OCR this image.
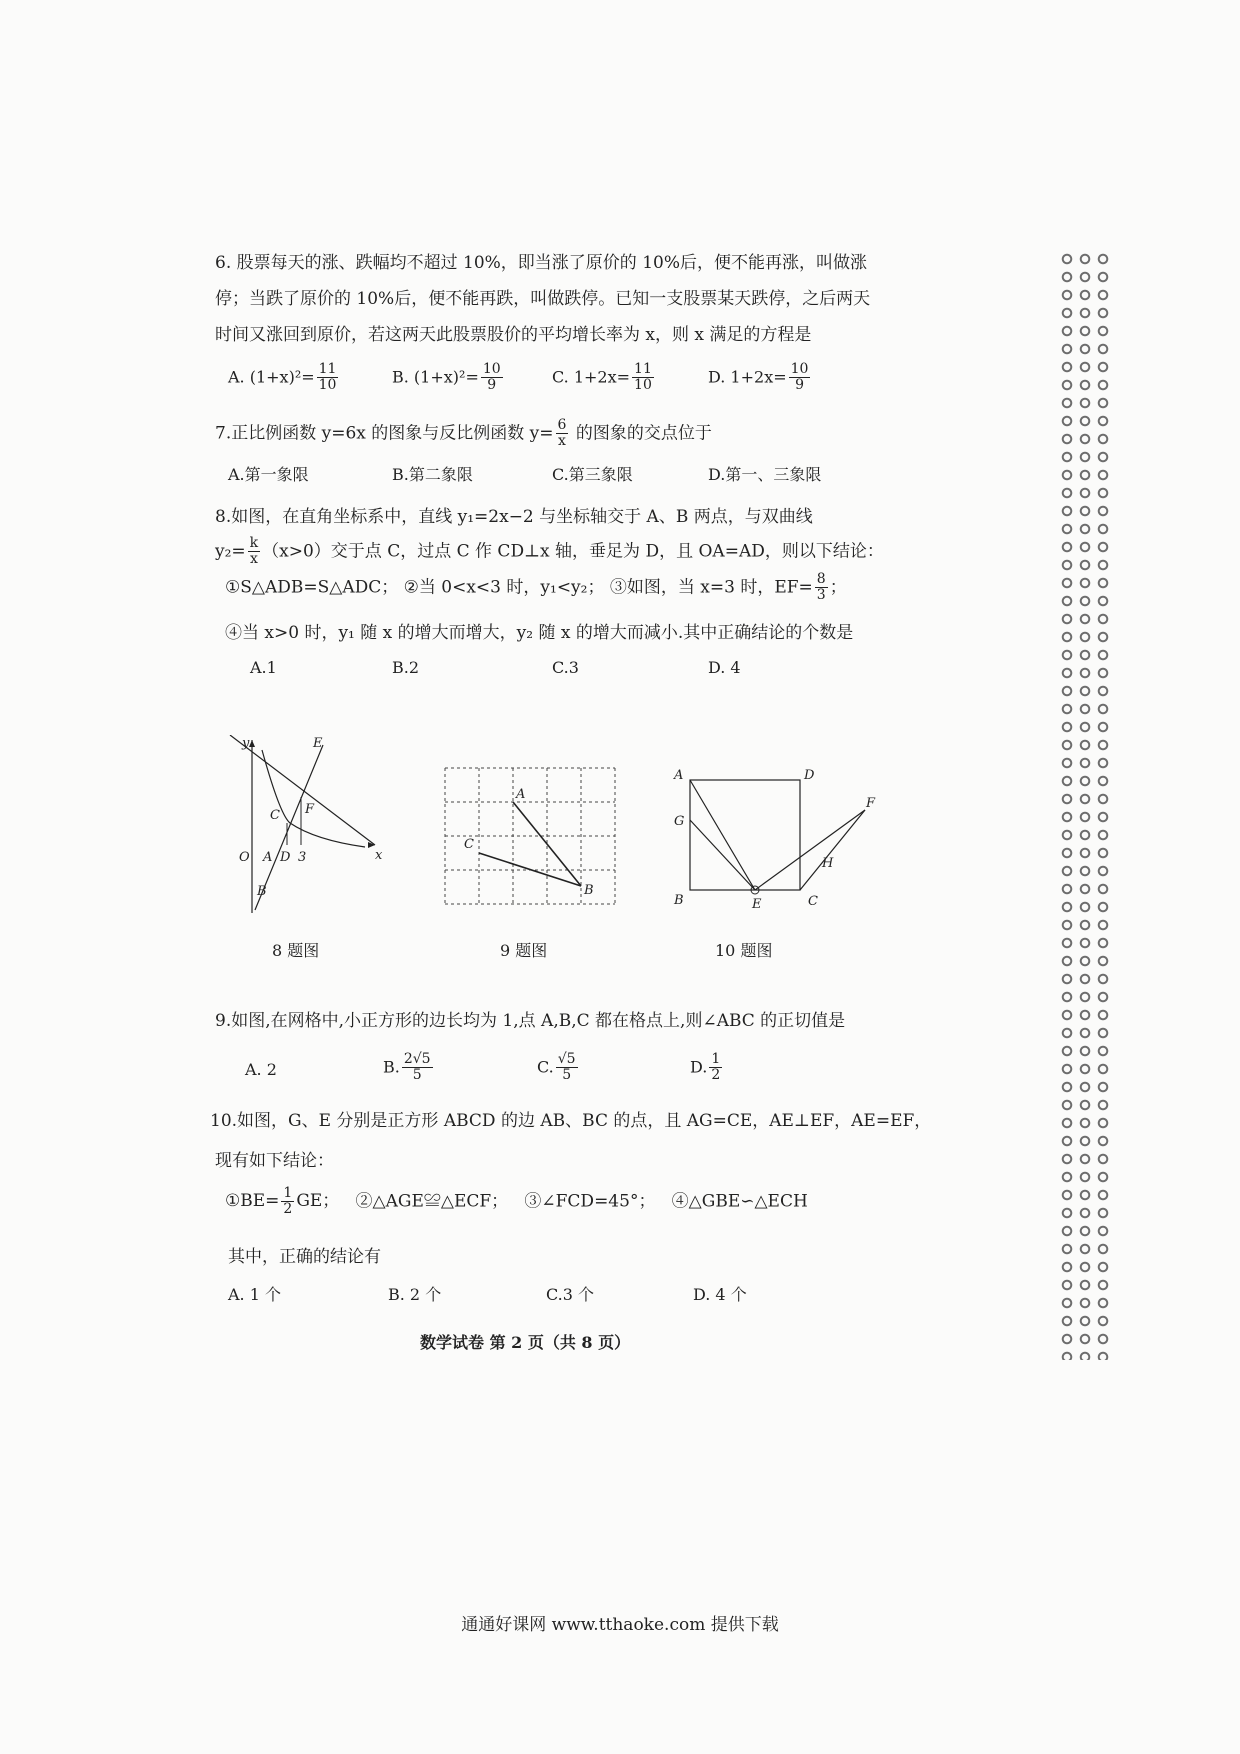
6. 股票每天的涨、跌幅均不超过 10%，即当涨了原价的 10%后，便不能再涨，叫做涨
停；当跌了原价的 10%后，便不能再跌，叫做跌停。已知一支股票某天跌停，之后两天
时间又涨回到原价，若这两天此股票股价的平均增长率为 x，则 x 满足的方程是
A. $(1+x)^2= \frac{11}{10}$	B. $(1+x)^2= \frac{10}{9}$	C. $1+2x= \frac{11}{10}$	D. $1+2x= \frac{10}{9}$
7.正比例函数 y=6x 的图象与反比例函数 $y= \frac{6}{x}$ 的图象的交点位于
A.第一象限	B.第二象限	C.第三象限	D.第一、三象限
8.如图，在直角坐标系中，直线 y₁=2x−2 与坐标轴交于 A、B 两点，与双曲线
$y_2= \frac{k}{x} (x>0)$交于点 C，过点 C 作 CD⊥x 轴，垂足为 D，且 OA=AD，则以下结论：
①S△ADB=S△ADC； ②当 0<x<3 时，y₁<y₂； ③如图，当 x=3 时，$EF= \frac{8}{3}$ ；
④当 x>0 时，y₁ 随 x 的增大而增大，y₂ 随 x 的增大而减小.其中正确结论的个数是
A.1	B.2	C.3	D. 4
y
x
O A D 3
C
E
F
B
A
B
C
A	D
B	C
E
F
G
H
8 题图	9 题图	10 题图
9.如图,在网格中,小正方形的边长均为 1,点 A,B,C 都在格点上,则∠ABC 的正切值是
A. 2	B. $\frac{2√5}{5}$	C. $\frac{√5}{5}$	D. $\frac{1}{2}$
10.如图，G、E 分别是正方形 ABCD 的边 AB、BC 的点，且 AG=CE，AE⊥EF，AE=EF，
现有如下结论：
①BE= $\frac{1}{2}$ GE； ②△AGE≌△ECF； ③∠FCD=45°； ④△GBE∽△ECH
其中，正确的结论有
A. 1 个	B. 2 个	C.3 个	D. 4 个
数学试卷 第 2 页（共 8 页）
通通好课网 www.tthaoke.com 提供下载
